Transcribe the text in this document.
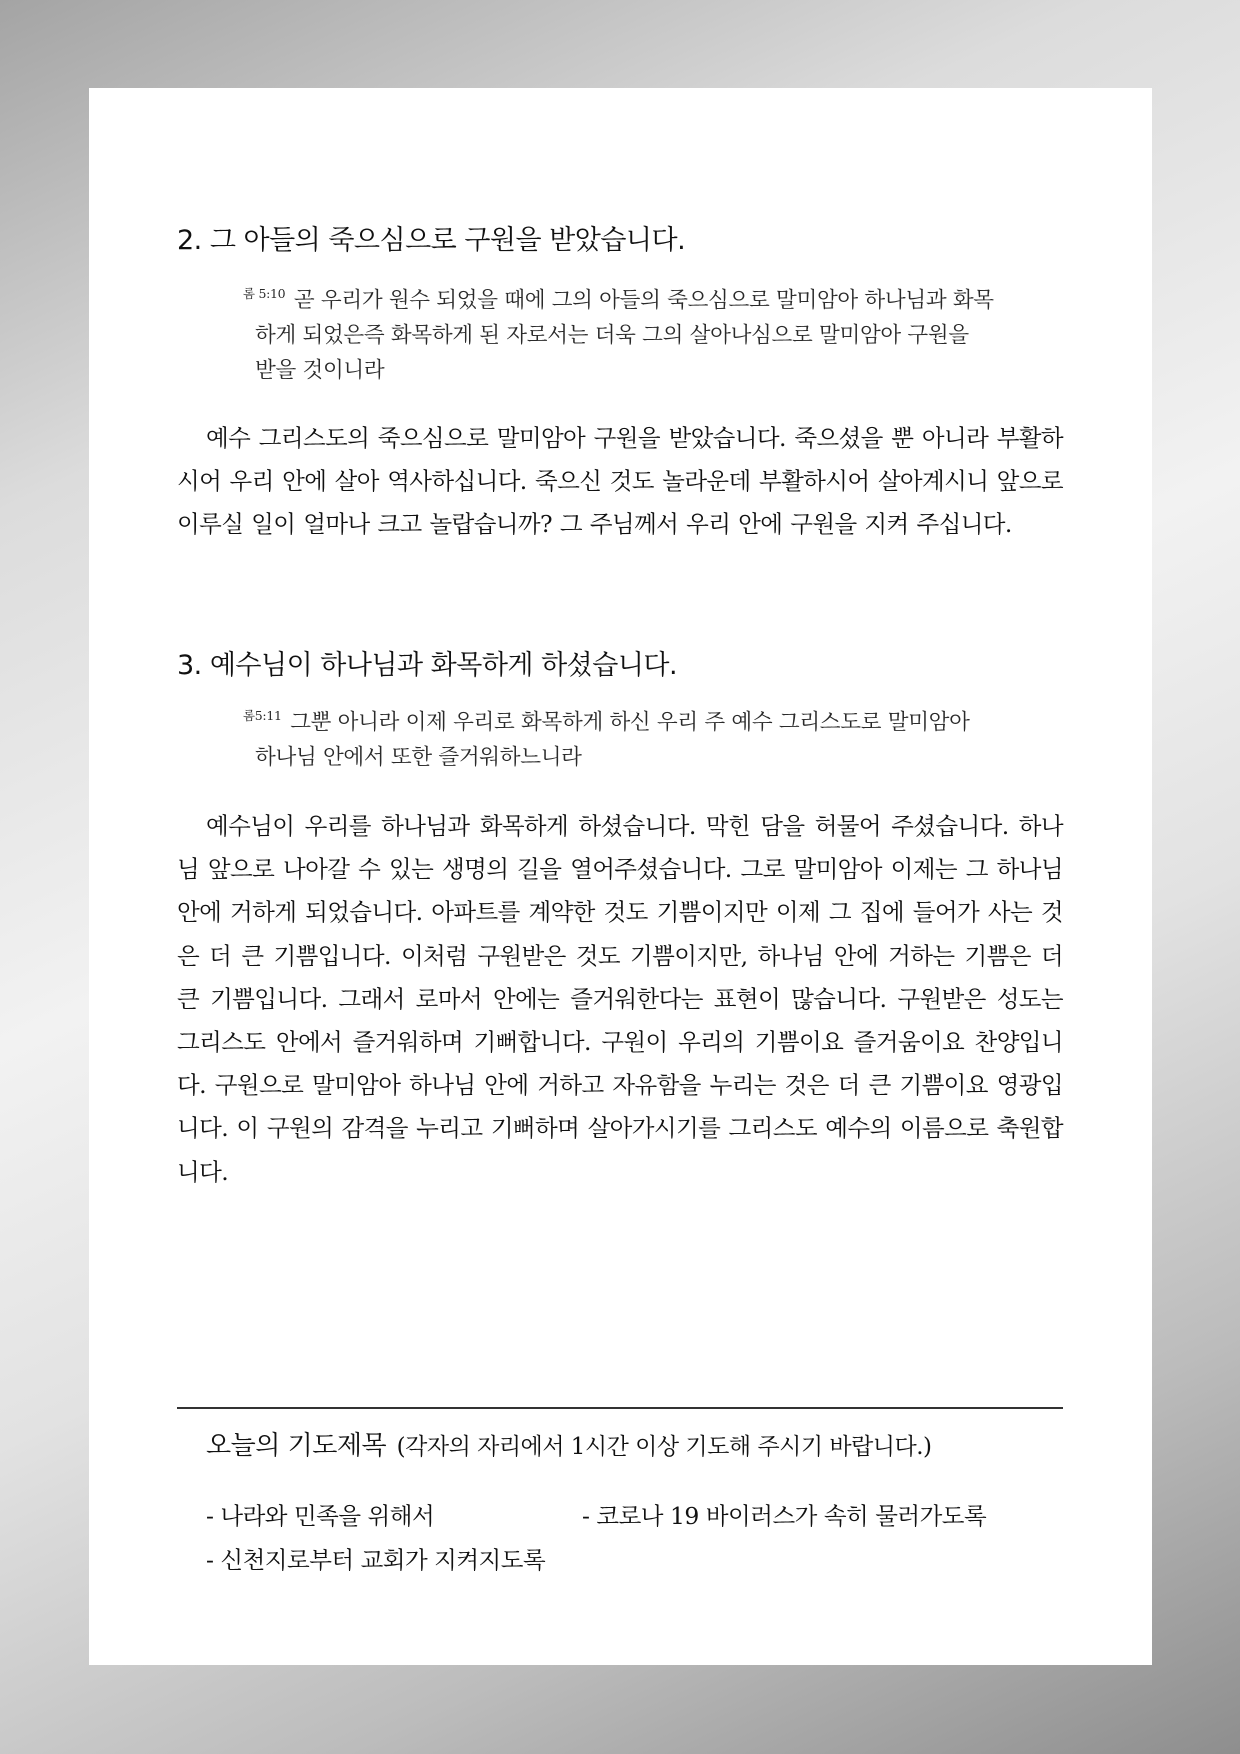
2. 그 아들의 죽으심으로 구원을 받았습니다.
$^{롬 5:10}$ 곧 우리가 원수 되었을 때에 그의 아들의 죽으심으로 말미암아 하나님과 화목하게 되었은즉 화목하게 된 자로서는 더욱 그의 살아나심으로 말미암아 구원을 받을 것이니라
예수 그리스도의 죽으심으로 말미암아 구원을 받았습니다. 죽으셨을 뿐 아니라 부활하시어 우리 안에 살아 역사하십니다. 죽으신 것도 놀라운데 부활하시어 살아계시니 앞으로 이루실 일이 얼마나 크고 놀랍습니까? 그 주님께서 우리 안에 구원을 지켜 주십니다.
3. 예수님이 하나님과 화목하게 하셨습니다.
$^{롬5:11}$ 그뿐 아니라 이제 우리로 화목하게 하신 우리 주 예수 그리스도로 말미암아 하나님 안에서 또한 즐거워하느니라
예수님이 우리를 하나님과 화목하게 하셨습니다. 막힌 담을 허물어 주셨습니다. 하나님 앞으로 나아갈 수 있는 생명의 길을 열어주셨습니다. 그로 말미암아 이제는 그 하나님 안에 거하게 되었습니다. 아파트를 계약한 것도 기쁨이지만 이제 그 집에 들어가 사는 것은 더 큰 기쁨입니다. 이처럼 구원받은 것도 기쁨이지만, 하나님 안에 거하는 기쁨은 더 큰 기쁨입니다. 그래서 로마서 안에는 즐거워한다는 표현이 많습니다. 구원받은 성도는 그리스도 안에서 즐거워하며 기뻐합니다. 구원이 우리의 기쁨이요 즐거움이요 찬양입니다. 구원으로 말미암아 하나님 안에 거하고 자유함을 누리는 것은 더 큰 기쁨이요 영광입니다. 이 구원의 감격을 누리고 기뻐하며 살아가시기를 그리스도 예수의 이름으로 축원합니다.
오늘의 기도제목 (각자의 자리에서 1시간 이상 기도해 주시기 바랍니다.)
- 나라와 민족을 위해서	- 코로나 19 바이러스가 속히 물러가도록
- 신천지로부터 교회가 지켜지도록
